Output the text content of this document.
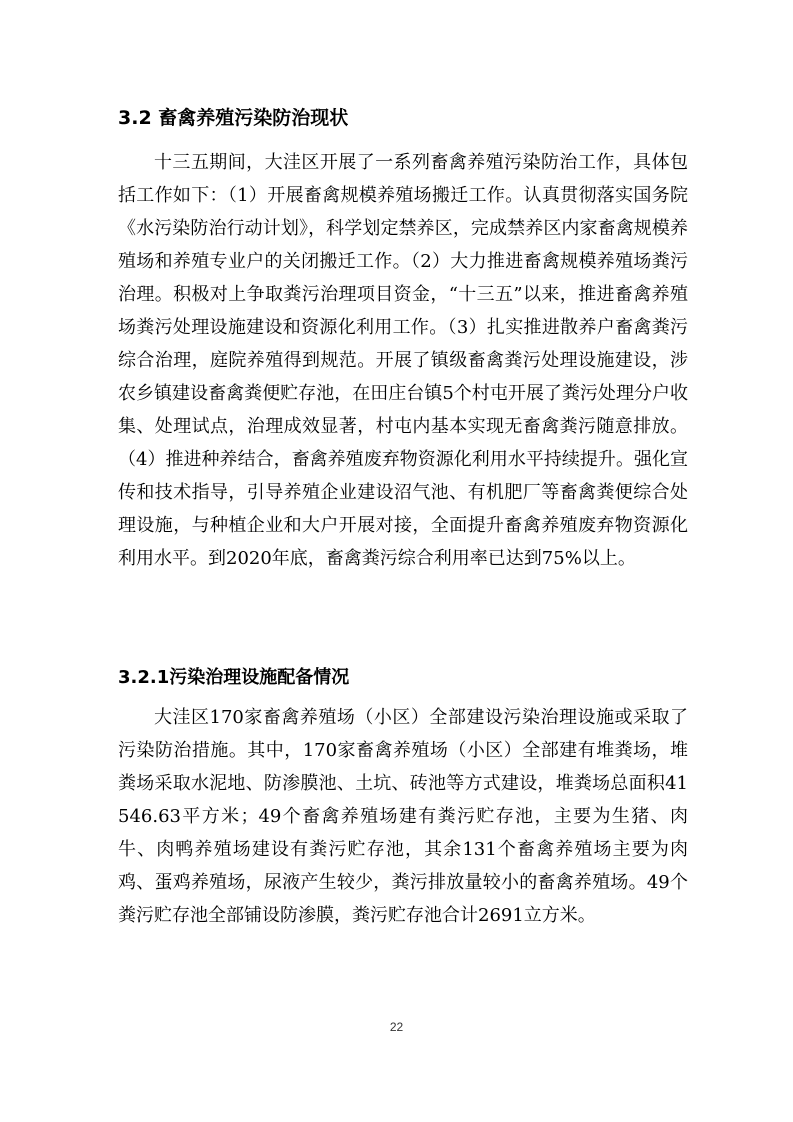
3.2 畜禽养殖污染防治现状

十三五期间，大洼区开展了一系列畜禽养殖污染防治工作，具体包括工作如下：（1）开展畜禽规模养殖场搬迁工作。认真贯彻落实国务院《水污染防治行动计划》，科学划定禁养区，完成禁养区内家畜禽规模养殖场和养殖专业户的关闭搬迁工作。（2）大力推进畜禽规模养殖场粪污治理。积极对上争取粪污治理项目资金，“十三五”以来，推进畜禽养殖场粪污处理设施建设和资源化利用工作。（3）扎实推进散养户畜禽粪污综合治理，庭院养殖得到规范。开展了镇级畜禽粪污处理设施建设，涉农乡镇建设畜禽粪便贮存池，在田庄台镇5个村屯开展了粪污处理分户收集、处理试点，治理成效显著，村屯内基本实现无畜禽粪污随意排放。（4）推进种养结合，畜禽养殖废弃物资源化利用水平持续提升。强化宣传和技术指导，引导养殖企业建设沼气池、有机肥厂等畜禽粪便综合处理设施，与种植企业和大户开展对接，全面提升畜禽养殖废弃物资源化利用水平。到2020年底，畜禽粪污综合利用率已达到75%以上。

3.2.1污染治理设施配备情况

大洼区170家畜禽养殖场（小区）全部建设污染治理设施或采取了污染防治措施。其中，170家畜禽养殖场（小区）全部建有堆粪场，堆粪场采取水泥地、防渗膜池、土坑、砖池等方式建设，堆粪场总面积41546.63平方米；49个畜禽养殖场建有粪污贮存池，主要为生猪、肉牛、肉鸭养殖场建设有粪污贮存池，其余131个畜禽养殖场主要为肉鸡、蛋鸡养殖场，尿液产生较少，粪污排放量较小的畜禽养殖场。49个粪污贮存池全部铺设防渗膜，粪污贮存池合计2691立方米。

22
